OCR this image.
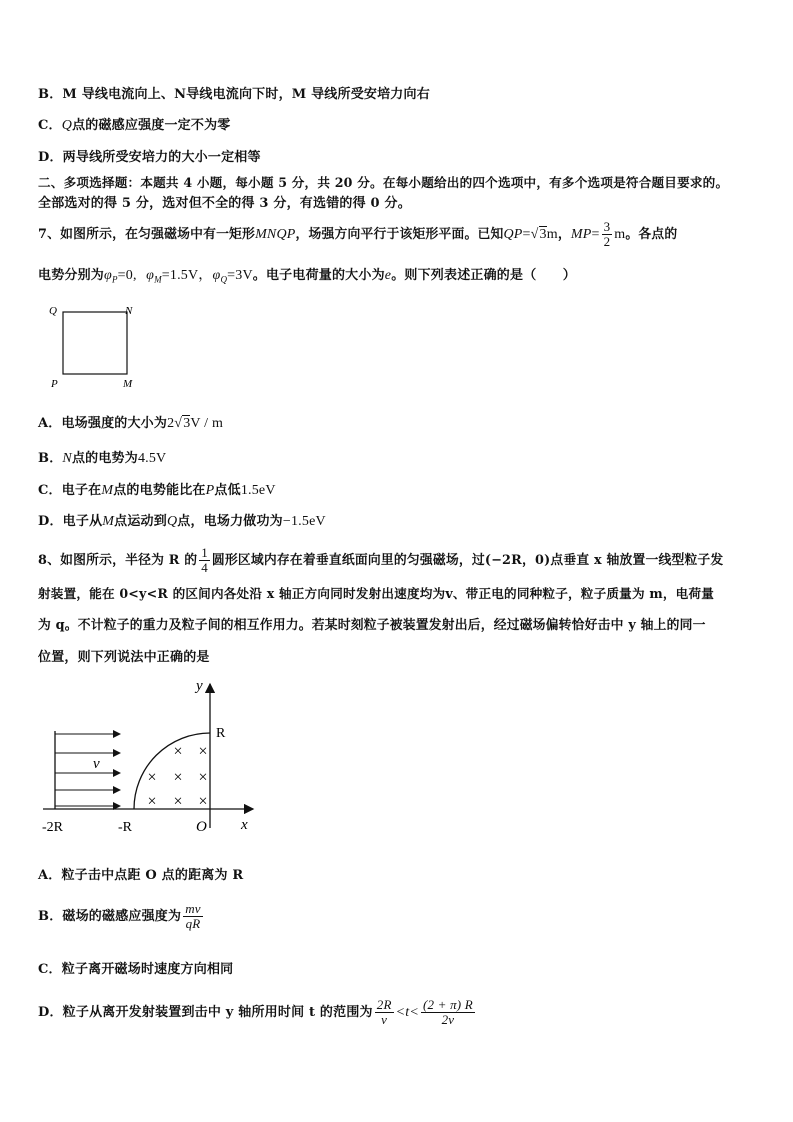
B．M 导线电流向上、N导线电流向下时，M 导线所受安培力向右
C．Q点的磁感应强度一定不为零
D．两导线所受安培力的大小一定相等
二、多项选择题：本题共 4 小题，每小题 5 分，共 20 分。在每小题给出的四个选项中，有多个选项是符合题目要求的。
全部选对的得 5 分，选对但不全的得 3 分，有选错的得 0 分。
7、如图所示，在匀强磁场中有一矩形MNQP，场强方向平行于该矩形平面。已知QP=√3m，$MP= \frac{3}{2}$ m。各点的
电势分别为$\varphi_P=0$, $\varphi_M=1.5V$，$\varphi_Q=3V$。电子电荷量的大小为e。则下列表述正确的是（　　）
Q	N
P	M
A．电场强度的大小为2√3V / m
B．N点的电势为4.5V
C．电子在M点的电势能比在P点低1.5eV
D．电子从M点运动到Q点，电场力做功为−1.5eV
8、如图所示，半径为 R 的 $\frac{1}{4}$ 圆形区域内存在着垂直纸面向里的匀强磁场，过(−2R，0)点垂直 x 轴放置一线型粒子发
射装置，能在 0<y<R 的区间内各处沿 x 轴正方向同时发射出速度均为v、带正电的同种粒子，粒子质量为 m，电荷量
为 q。不计粒子的重力及粒子间的相互作用力。若某时刻粒子被装置发射出后，经过磁场偏转恰好击中 y 轴上的同一
位置，则下列说法中正确的是
× ×
× × ×
× × ×
y
x
R
v
-2R	-R	O
A．粒子击中点距 O 点的距离为 R
B．磁场的磁感应强度为 $\frac{mv}{qR}$
C．粒子离开磁场时速度方向相同
D．粒子从离开发射装置到击中 y 轴所用时间 t 的范围为 $\frac{2R}{v} <t< \frac{(2 + \pi) R}{2v}$
